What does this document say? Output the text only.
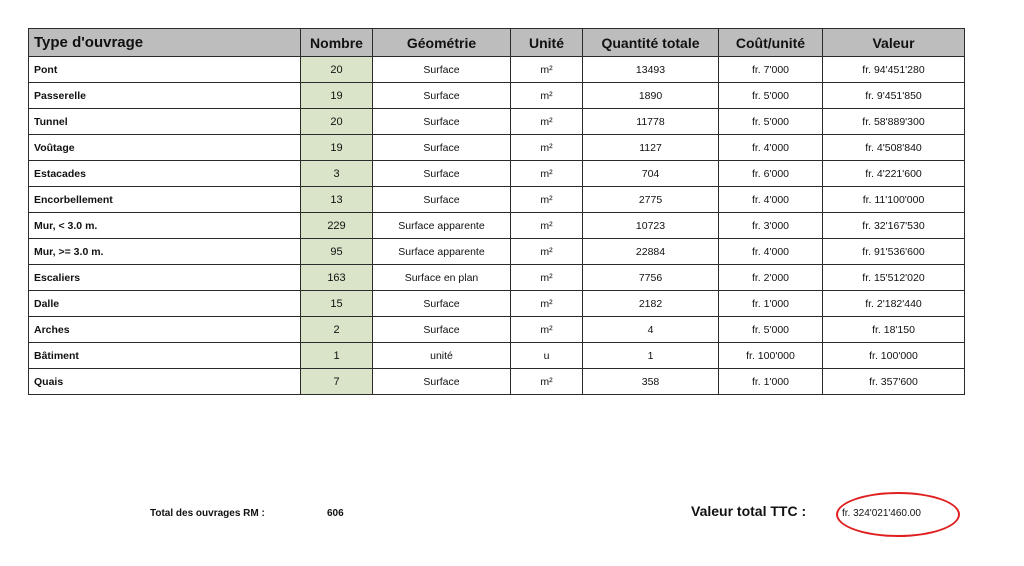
Type d'ouvrage	Nombre	Géométrie	Unité	Quantité totale	Coût/unité	Valeur
Pont	20	Surface	m²	13493	fr. 7'000	fr. 94'451'280
Passerelle	19	Surface	m²	1890	fr. 5'000	fr. 9'451'850
Tunnel	20	Surface	m²	11778	fr. 5'000	fr. 58'889'300
Voûtage	19	Surface	m²	1127	fr. 4'000	fr. 4'508'840
Estacades	3	Surface	m²	704	fr. 6'000	fr. 4'221'600
Encorbellement	13	Surface	m²	2775	fr. 4'000	fr. 11'100'000
Mur, < 3.0 m.	229	Surface apparente	m²	10723	fr. 3'000	fr. 32'167'530
Mur, >= 3.0 m.	95	Surface apparente	m²	22884	fr. 4'000	fr. 91'536'600
Escaliers	163	Surface en plan	m²	7756	fr. 2'000	fr. 15'512'020
Dalle	15	Surface	m²	2182	fr. 1'000	fr. 2'182'440
Arches	2	Surface	m²	4	fr. 5'000	fr. 18'150
Bâtiment	1	unité	u	1	fr. 100'000	fr. 100'000
Quais	7	Surface	m²	358	fr. 1'000	fr. 357'600
Total des ouvrages RM :	606	Valeur total TTC :	fr. 324'021'460.00
